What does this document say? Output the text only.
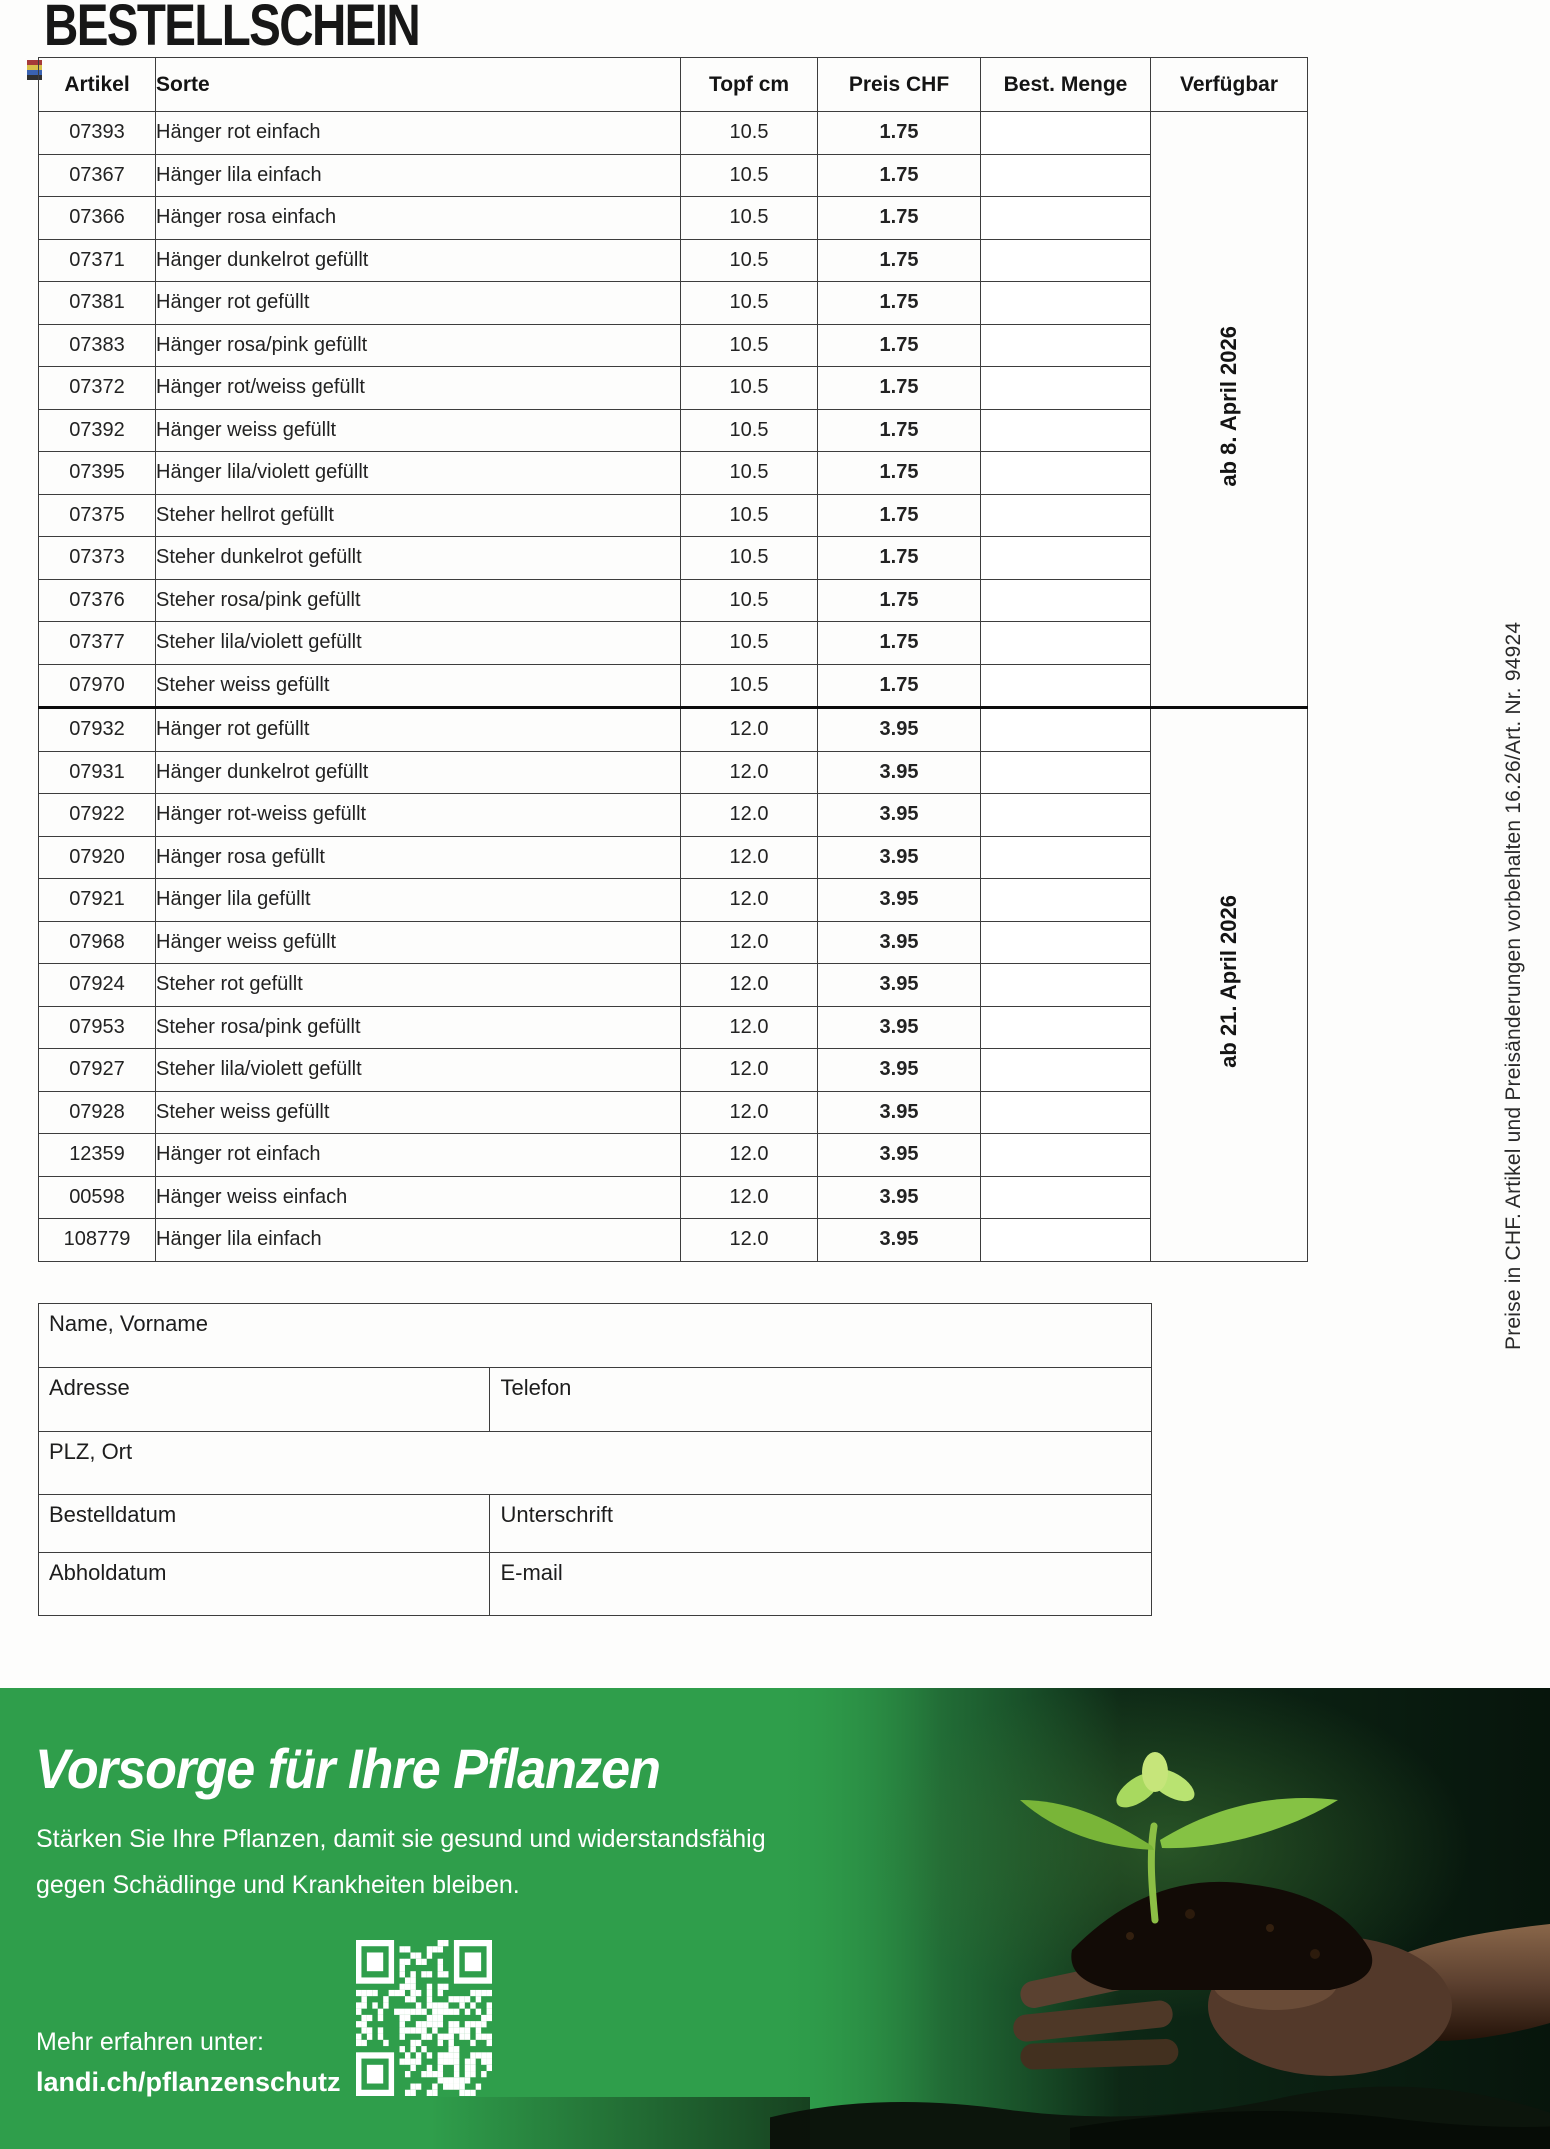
BESTELLSCHEIN
Artikel	Sorte	Topf cm	Preis CHF	Best. Menge	Verfügbar
07393	Hänger rot einfach	10.5	1.75		ab 8. April 2026
07367	Hänger lila einfach	10.5	1.75		
07366	Hänger rosa einfach	10.5	1.75		
07371	Hänger dunkelrot gefüllt	10.5	1.75		
07381	Hänger rot gefüllt	10.5	1.75		
07383	Hänger rosa/pink gefüllt	10.5	1.75		
07372	Hänger rot/weiss gefüllt	10.5	1.75		
07392	Hänger weiss gefüllt	10.5	1.75		
07395	Hänger lila/violett gefüllt	10.5	1.75		
07375	Steher hellrot gefüllt	10.5	1.75		
07373	Steher dunkelrot gefüllt	10.5	1.75		
07376	Steher rosa/pink gefüllt	10.5	1.75		
07377	Steher lila/violett gefüllt	10.5	1.75		
07970	Steher weiss gefüllt	10.5	1.75		
07932	Hänger rot gefüllt	12.0	3.95		ab 21. April 2026
07931	Hänger dunkelrot gefüllt	12.0	3.95		
07922	Hänger rot-weiss gefüllt	12.0	3.95		
07920	Hänger rosa gefüllt	12.0	3.95		
07921	Hänger lila gefüllt	12.0	3.95		
07968	Hänger weiss gefüllt	12.0	3.95		
07924	Steher rot gefüllt	12.0	3.95		
07953	Steher rosa/pink gefüllt	12.0	3.95		
07927	Steher lila/violett gefüllt	12.0	3.95		
07928	Steher weiss gefüllt	12.0	3.95		
12359	Hänger rot einfach	12.0	3.95		
00598	Hänger weiss einfach	12.0	3.95		
108779	Hänger lila einfach	12.0	3.95			Preise in CHF. Artikel und Preisänderungen vorbehalten 16.26/Art. Nr. 94924
Name, Vorname
Adresse	Telefon
PLZ, Ort
Bestelldatum	Unterschrift
Abholdatum	E-mail
Vorsorge für Ihre Pflanzen
Stärken Sie Ihre Pflanzen, damit sie gesund und widerstandsfähig
gegen Schädlinge und Krankheiten bleiben.
Mehr erfahren unter:
landi.ch/pflanzenschutz
